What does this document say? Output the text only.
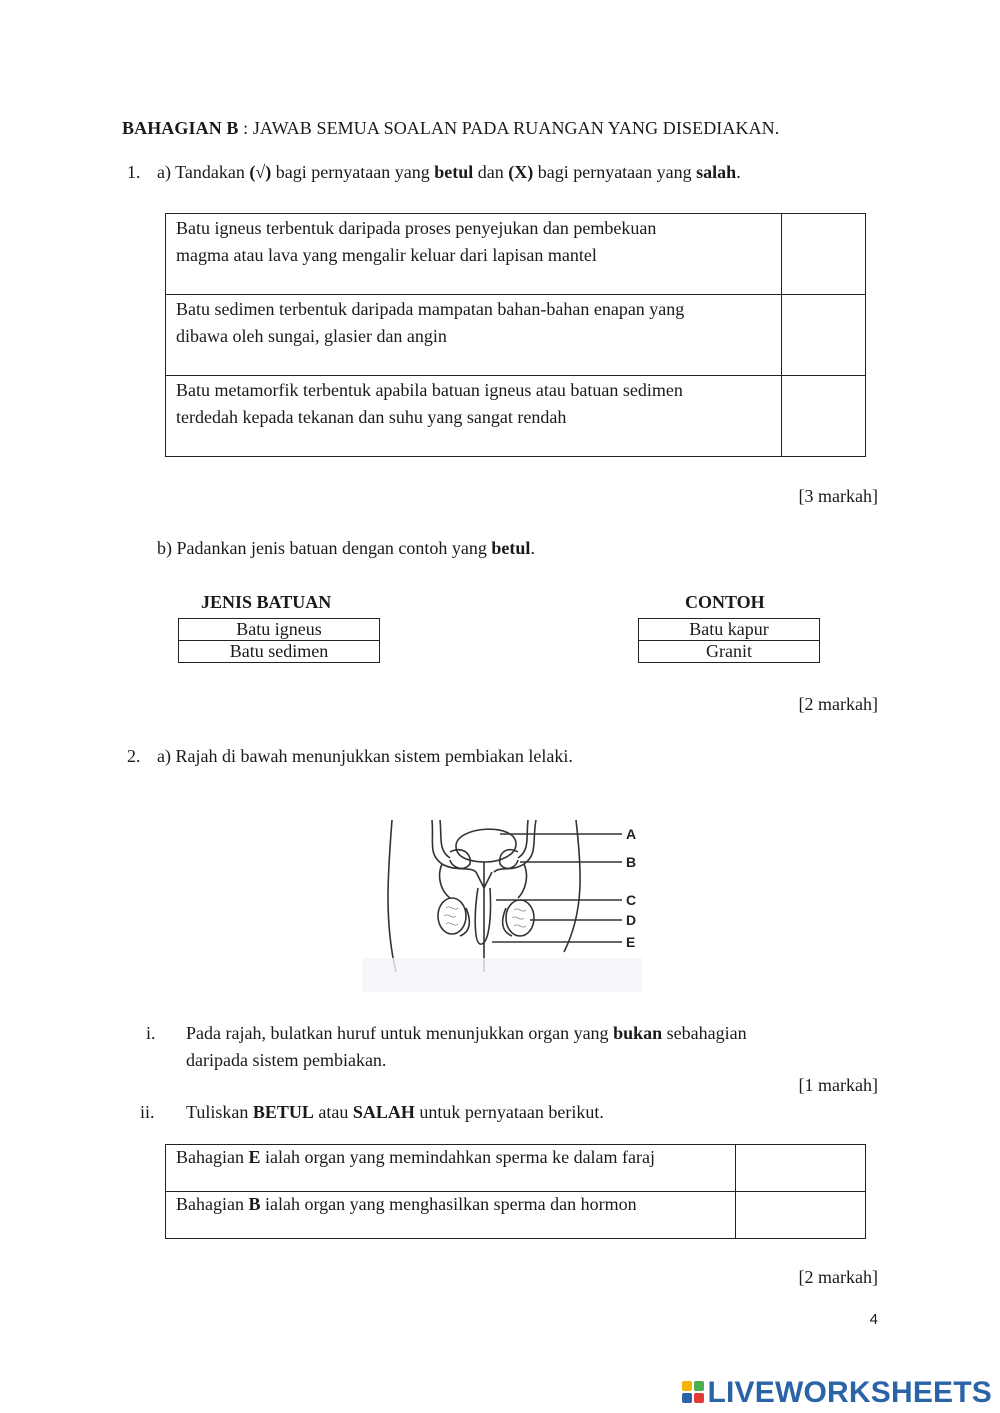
BAHAGIAN B : JAWAB SEMUA SOALAN PADA RUANGAN YANG DISEDIAKAN.
1. a) Tandakan (√) bagi pernyataan yang betul dan (X) bagi pernyataan yang salah.
Batu igneus terbentuk daripada proses penyejukan dan pembekuan
magma atau lava yang mengalir keluar dari lapisan mantel	

Batu sedimen terbentuk daripada mampatan bahan-bahan enapan yang
dibawa oleh sungai, glasier dan angin	

Batu metamorfik terbentuk apabila batuan igneus atau batuan sedimen
terdedah kepada tekanan dan suhu yang sangat rendah	

[3 markah]
b) Padankan jenis batuan dengan contoh yang betul.
JENIS BATUAN	CONTOH
Batu igneus
Batu sedimen
Batu kapur
Granit
[2 markah]
2. a) Rajah di bawah menunjukkan sistem pembiakan lelaki.
A
B
C
D
E
i. Pada rajah, bulatkan huruf untuk menunjukkan organ yang bukan sebahagian
daripada sistem pembiakan.
[1 markah]
ii. Tuliskan BETUL atau SALAH untuk pernyataan berikut.
Bahagian E ialah organ yang memindahkan sperma ke dalam faraj	
Bahagian B ialah organ yang menghasilkan sperma dan hormon	
[2 markah]
4
LIVEWORKSHEETS
